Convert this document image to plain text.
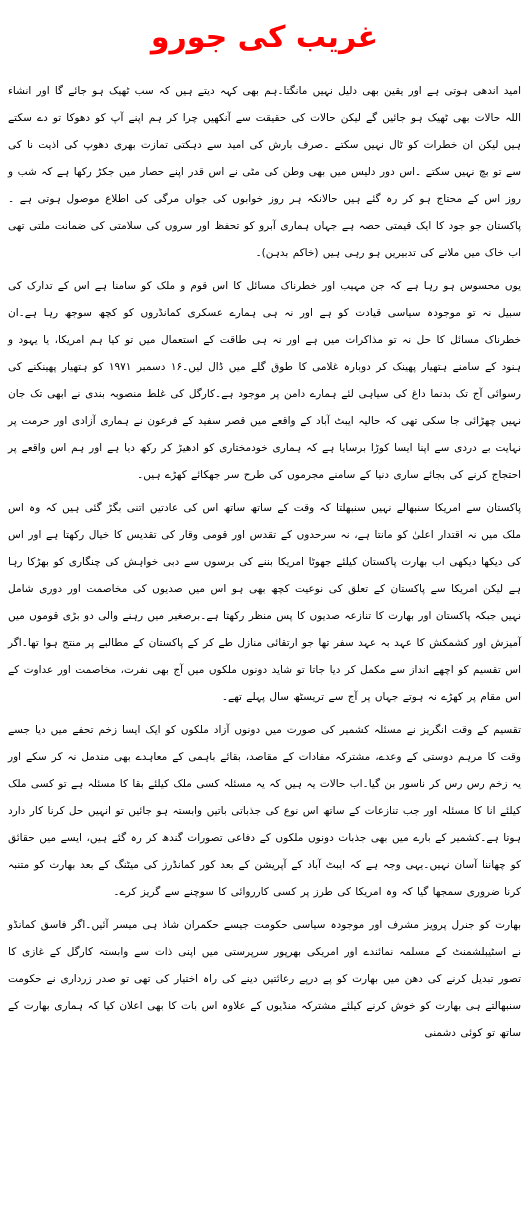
غریب کی جورو

امید اندھی ہوتی ہے اور یقین بھی دلیل نہیں مانگتا۔ہم بھی کہہ دیتے ہیں کہ سب ٹھیک ہو جائے گا اور انشاء اللہ حالات بھی ٹھیک ہو جائیں گے لیکن حالات کی حقیقت سے آنکھیں چرا کر ہم اپنے آپ کو دھوکا تو دے سکتے ہیں لیکن ان خطرات کو ٹال نہیں سکتے ۔صرف بارش کی امید سے دہکتی تمازت بھری دھوپ کی اذیت نا کی سے تو بچ نہیں سکتے ۔اس دور دلیس میں بھی وطن کی مٹی نے اس قدر اپنے حصار میں جکڑ رکھا ہے کہ شب و روز اس کے محتاج ہو کر رہ گئے ہیں حالانکہ ہر روز خوابوں کی جواں مرگی کی اطلاع موصول ہوتی ہے ۔پاکستان جو جود کا ایک قیمتی حصہ ہے جہاں ہماری آبرو کو تحفظ اور سروں کی سلامتی کی ضمانت ملتی تھی اب خاک میں ملانے کی تدبیریں ہو رہی ہیں (خاکم بدہن)۔

یوں محسوس ہو رہا ہے کہ جن مہیب اور خطرناک مسائل کا اس قوم و ملک کو سامنا ہے اس کے تدارک کی سبیل نہ تو موجودہ سیاسی قیادت کو ہے اور نہ ہی ہمارے عسکری کمانڈروں کو کچھ سوجھ رہا ہے۔ان خطرناک مسائل کا حل نہ تو مذاکرات میں ہے اور نہ ہی طاقت کے استعمال میں تو کیا ہم امریکا، یا یہود و ہنود کے سامنے ہتھیار پھینک کر دوبارہ غلامی کا طوق گلے میں ڈال لیں۔۱۶ دسمبر ۱۹۷۱ کو ہتھیار پھینکنے کی رسوائی آج تک بدنما داغ کی سیاہی لئے ہمارے دامن پر موجود ہے۔کارگل کی غلط منصوبہ بندی نے ابھی تک جان نہیں چھڑائی جا سکی تھی کہ حالیہ ایبٹ آباد کے واقعے میں قصر سفید کے فرعون نے ہماری آزادی اور حرمت پر نہایت بے دردی سے اپنا ایسا کوڑا برسایا ہے کہ ہماری خودمختاری کو ادھیڑ کر رکھ دیا ہے اور ہم اس واقعے پر احتجاج کرنے کی بجائے ساری دنیا کے سامنے مجرموں کی طرح سر جھکائے کھڑے ہیں۔

پاکستان سے امریکا سنبھالے نہیں سنبھلتا کہ وقت کے ساتھ ساتھ اس کی عادتیں اتنی بگڑ گئی ہیں کہ وہ اس ملک میں نہ اقتدار اعلیٰ کو مانتا ہے، نہ سرحدوں کے تقدس اور قومی وقار کی تقدیس کا خیال رکھتا ہے اور اس کی دیکھا دیکھی اب بھارت پاکستان کیلئے جھوٹا امریکا بننے کی برسوں سے دبی خواہش کی چنگاری کو بھڑکا رہا ہے لیکن امریکا سے پاکستان کے تعلق کی نوعیت کچھ بھی ہو اس میں صدیوں کی مخاصمت اور دوری شامل نہیں جبکہ پاکستان اور بھارت کا تنازعہ صدیوں کا پس منظر رکھتا ہے۔برصغیر میں رہنے والی دو بڑی قوموں میں آمیزش اور کشمکش کا عہد بہ عہد سفر تھا جو ارتقائی منازل طے کر کے پاکستان کے مطالبے پر منتج ہوا تھا۔اگر اس تقسیم کو اچھے انداز سے مکمل کر دیا جاتا تو شاید دونوں ملکوں میں آج بھی نفرت، مخاصمت اور عداوت کے اس مقام پر کھڑے نہ ہوتے جہاں پر آج سے تریسٹھ سال پہلے تھے۔

تقسیم کے وقت انگریز نے مسئلہ کشمیر کی صورت میں دونوں آزاد ملکوں کو ایک ایسا زخم تحفے میں دیا جسے وقت کا مرہم دوستی کے وعدے، مشترکہ مفادات کے مقاصد، بقائے باہمی کے معاہدے بھی مندمل نہ کر سکے اور یہ زخم رس رس کر ناسور بن گیا۔اب حالات یہ ہیں کہ یہ مسئلہ کسی ملک کیلئے بقا کا مسئلہ ہے تو کسی ملک کیلئے انا کا مسئلہ اور جب تنازعات کے ساتھ اس نوع کی جذباتی باتیں وابستہ ہو جائیں تو انہیں حل کرنا کار دارد ہوتا ہے۔کشمیر کے بارے میں بھی جذبات دونوں ملکوں کے دفاعی تصورات گندھ کر رہ گئے ہیں، ایسے میں حقائق کو چھاننا آسان نہیں۔یہی وجہ ہے کہ ایبٹ آباد کے آپریشن کے بعد کور کمانڈرز کی میٹنگ کے بعد بھارت کو متنبہ کرنا ضروری سمجھا گیا کہ وہ امریکا کی طرز پر کسی کارروائی کا سوچنے سے گریز کرے۔

بھارت کو جنرل پرویز مشرف اور موجودہ سیاسی حکومت جیسے حکمران شاذ ہی میسر آئیں۔اگر فاسق کمانڈو نے اسٹیبلشمنٹ کے مسلمہ نمائندے اور امریکی بھرپور سرپرستی میں اپنی ذات سے وابستہ کارگل کے غازی کا تصور تبدیل کرنے کی دھن میں بھارت کو پے درپے رعائتیں دینے کی راہ اختیار کی تھی تو صدر زرداری نے حکومت سنبھالتے ہی بھارت کو خوش کرنے کیلئے مشترکہ منڈیوں کے علاوہ اس بات کا بھی اعلان کیا کہ ہماری بھارت کے ساتھ تو کوئی دشمنی
